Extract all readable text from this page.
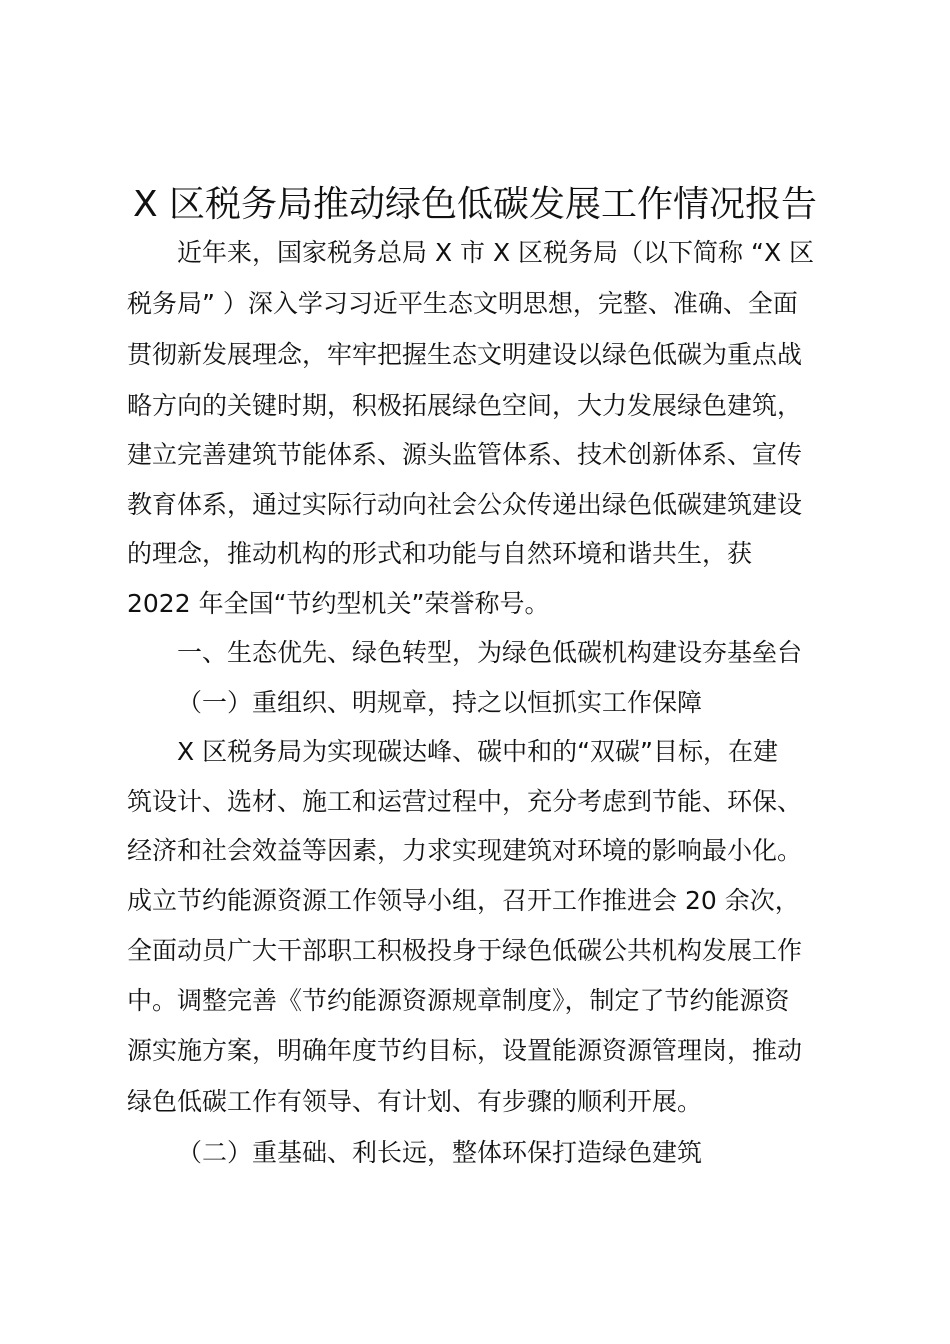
X 区税务局推动绿色低碳发展工作情况报告
近年来，国家税务总局 X 市 X 区税务局（以下简称 “X 区
税务局” ）深入学习习近平生态文明思想，完整、准确、全面
贯彻新发展理念，牢牢把握生态文明建设以绿色低碳为重点战
略方向的关键时期，积极拓展绿色空间，大力发展绿色建筑，
建立完善建筑节能体系、源头监管体系、技术创新体系、宣传
教育体系，通过实际行动向社会公众传递出绿色低碳建筑建设
的理念，推动机构的形式和功能与自然环境和谐共生，获
2022 年全国“节约型机关”荣誉称号。
一、生态优先、绿色转型，为绿色低碳机构建设夯基垒台
（一）重组织、明规章，持之以恒抓实工作保障
X 区税务局为实现碳达峰、碳中和的“双碳”目标，在建
筑设计、选材、施工和运营过程中，充分考虑到节能、环保、
经济和社会效益等因素，力求实现建筑对环境的影响最小化。
成立节约能源资源工作领导小组，召开工作推进会 20 余次，
全面动员广大干部职工积极投身于绿色低碳公共机构发展工作
中。调整完善《节约能源资源规章制度》，制定了节约能源资
源实施方案，明确年度节约目标，设置能源资源管理岗，推动
绿色低碳工作有领导、有计划、有步骤的顺利开展。
（二）重基础、利长远，整体环保打造绿色建筑
